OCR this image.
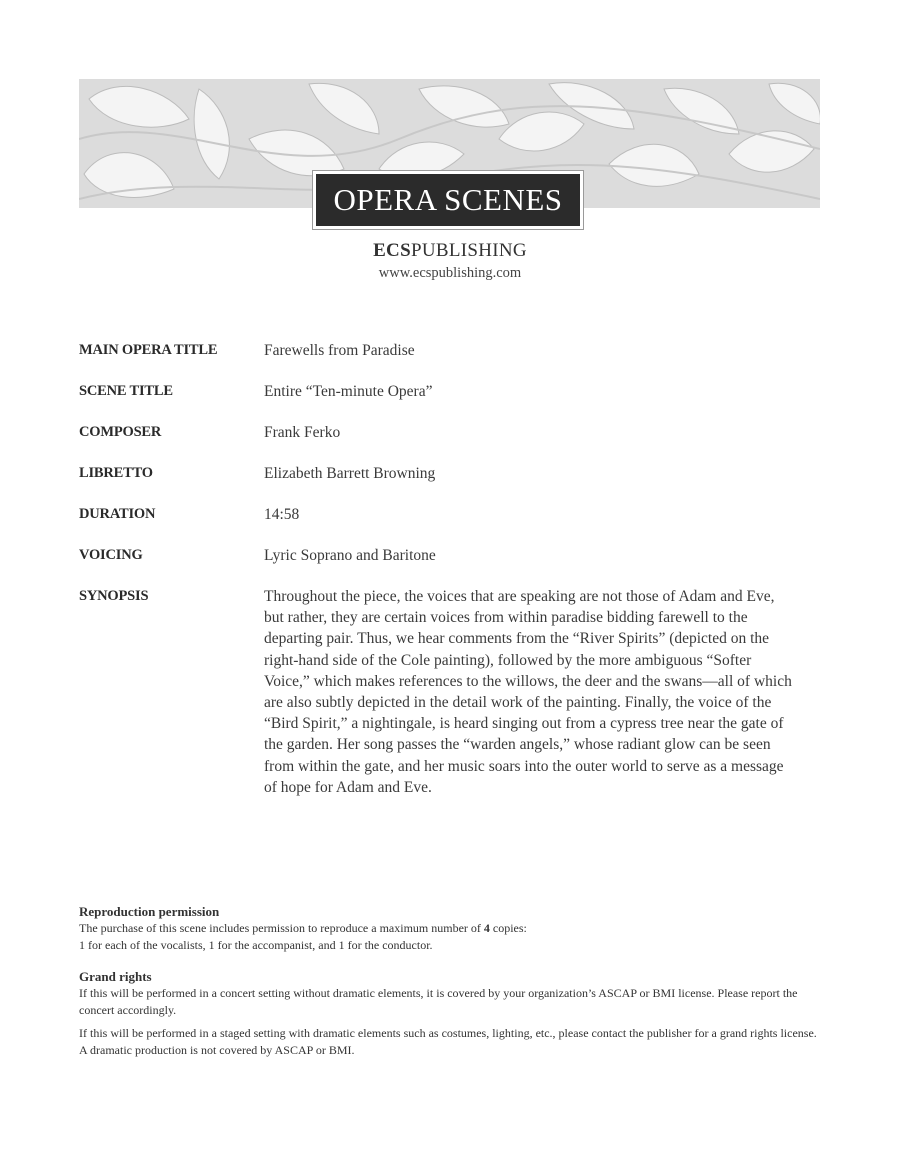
OPERA SCENES
ECSPUBLISHING
www.ecspublishing.com
MAIN OPERA TITLE	Farewells from Paradise
SCENE TITLE	Entire “Ten-minute Opera”
COMPOSER	Frank Ferko
LIBRETTO	Elizabeth Barrett Browning
DURATION	14:58
VOICING	Lyric Soprano and Baritone
SYNOPSIS	Throughout the piece, the voices that are speaking are not those of Adam and Eve, but rather, they are certain voices from within paradise bidding farewell to the departing pair. Thus, we hear comments from the “River Spirits” (depicted on the right-hand side of the Cole painting), followed by the more ambiguous “Softer Voice,” which makes references to the willows, the deer and the swans—all of which are also subtly depicted in the detail work of the painting. Finally, the voice of the “Bird Spirit,” a nightingale, is heard singing out from a cypress tree near the gate of the garden. Her song passes the “warden angels,” whose radiant glow can be seen from within the gate, and her music soars into the outer world to serve as a message of hope for Adam and Eve.

Reproduction permission

The purchase of this scene includes permission to reproduce a maximum number of 4 copies:

1 for each of the vocalists, 1 for the accompanist, and 1 for the conductor.

Grand rights

If this will be performed in a concert setting without dramatic elements, it is covered by your organization’s ASCAP or BMI license. Please report the concert accordingly.

If this will be performed in a staged setting with dramatic elements such as costumes, lighting, etc., please contact the publisher for a grand rights license. A dramatic production is not covered by ASCAP or BMI.
